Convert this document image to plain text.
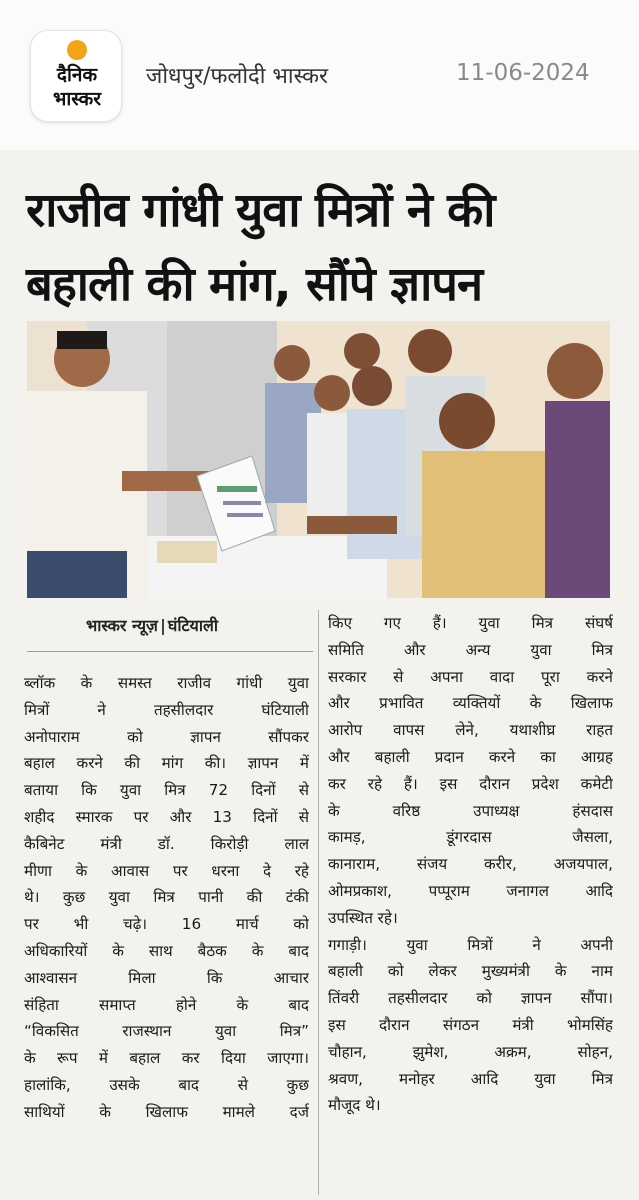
दैनिक
भास्कर
जोधपुर/फलोदी भास्कर	11-06-2024
राजीव गांधी युवा मित्रों ने की
बहाली की मांग, सौंपे ज्ञापन
भास्कर न्यूज़ घंटियाली
ब्लॉक के समस्त राजीव गांधी युवा
मित्रों ने तहसीलदार घंटियाली
अनोपाराम को ज्ञापन सौंपकर
बहाल करने की मांग की। ज्ञापन में
बताया कि युवा मित्र 72 दिनों से
शहीद स्मारक पर और 13 दिनों से
कैबिनेट मंत्री डॉ. किरोड़ी लाल
मीणा के आवास पर धरना दे रहे
थे। कुछ युवा मित्र पानी की टंकी
पर भी चढ़े। 16 मार्च को
अधिकारियों के साथ बैठक के बाद
आश्वासन मिला कि आचार
संहिता समाप्त होने के बाद
“विकसित राजस्थान युवा मित्र”
के रूप में बहाल कर दिया जाएगा।
हालांकि, उसके बाद से कुछ
साथियों के खिलाफ मामले दर्ज
किए गए हैं। युवा मित्र संघर्ष
समिति और अन्य युवा मित्र
सरकार से अपना वादा पूरा करने
और प्रभावित व्यक्तियों के खिलाफ
आरोप वापस लेने, यथाशीघ्र राहत
और बहाली प्रदान करने का आग्रह
कर रहे हैं। इस दौरान प्रदेश कमेटी
के वरिष्ठ उपाध्यक्ष हंसदास
कामड़, डूंगरदास जैसला,
कानाराम, संजय करीर, अजयपाल,
ओमप्रकाश, पप्पूराम जनागल आदि
उपस्थित रहे।
गगाड़ी। युवा मित्रों ने अपनी
बहाली को लेकर मुख्यमंत्री के नाम
तिंवरी तहसीलदार को ज्ञापन सौंपा।
इस दौरान संगठन मंत्री भोमसिंह
चौहान, झुमेश, अक्रम, सोहन,
श्रवण, मनोहर आदि युवा मित्र
मौजूद थे।
